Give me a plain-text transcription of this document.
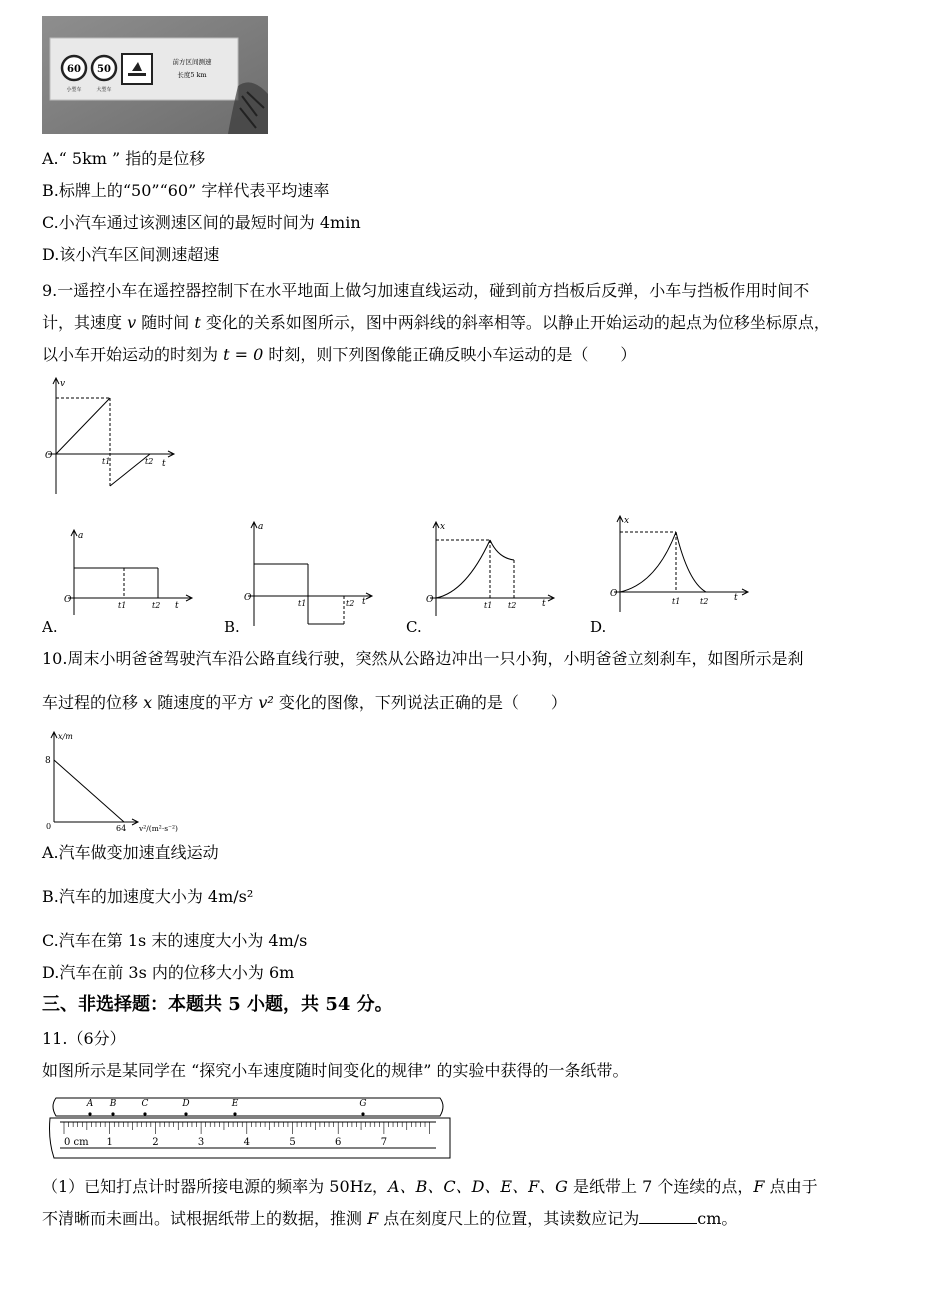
60 50
小型车	大型车
前方区间测速
长度5 km
A.“ 5km ” 指的是位移
B.标牌上的“50”“60” 字样代表平均速率
C.小汽车通过该测速区间的最短时间为 4min
D.该小汽车区间测速超速
9.一遥控小车在遥控器控制下在水平地面上做匀加速直线运动，碰到前方挡板后反弹，小车与挡板作用时间不
计，其速度 v 随时间 t 变化的关系如图所示，图中两斜线的斜率相等。以静止开始运动的起点为位移坐标原点，
以小车开始运动的时刻为 t = 0 时刻，则下列图像能正确反映小车运动的是（　　）
v
t
O
t1	t2
a
O
t
t1	t2
A.
a
O	t
t1	t2
B.
x
O	t
t1 t2
C.
x
O	t
t1 t2
D.
10.周末小明爸爸驾驶汽车沿公路直线行驶，突然从公路边冲出一只小狗，小明爸爸立刻刹车，如图所示是刹
车过程的位移 x 随速度的平方 v² 变化的图像，下列说法正确的是（　　）
x/m
8
0	64 v²/(m²·s⁻²)
A.汽车做变加速直线运动
B.汽车的加速度大小为 4m/s²
C.汽车在第 1s 末的速度大小为 4m/s
D.汽车在前 3s 内的位移大小为 6m
三、非选择题：本题共 5 小题，共 54 分。
11.（6分）
如图所示是某同学在 “探究小车速度随时间变化的规律” 的实验中获得的一条纸带。
0 cm 1	2	3	4	5	6	7
A B	C	D	E	G
（1）已知打点计时器所接电源的频率为 50Hz，A、B、C、D、E、F、G 是纸带上 7 个连续的点，F 点由于
不清晰而未画出。试根据纸带上的数据，推测 F 点在刻度尺上的位置，其读数应记为	cm。
